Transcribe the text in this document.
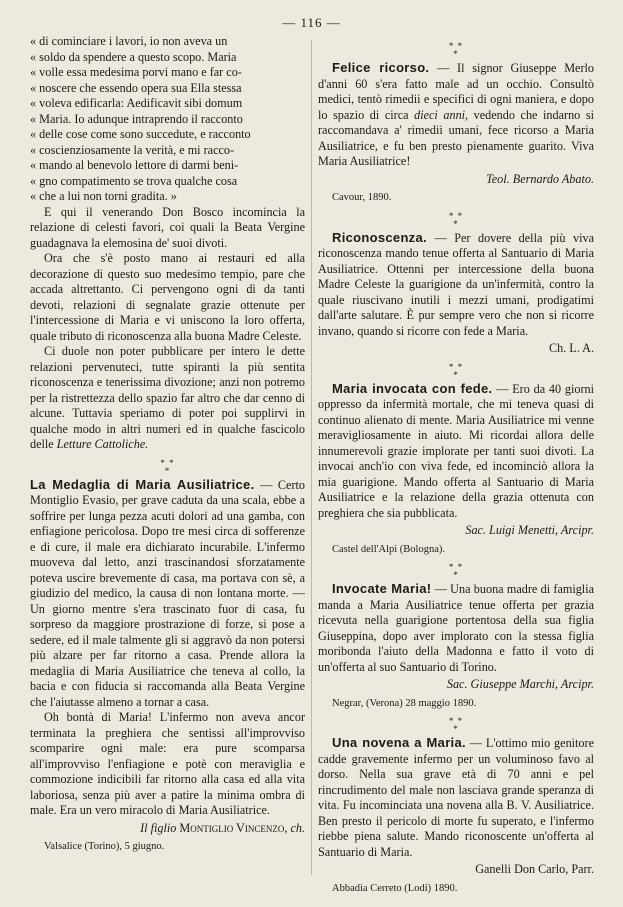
— 116 —

« di cominciare i lavori, io non aveva un

« soldo da spendere a questo scopo. Maria

« volle essa medesima porvi mano e far co-

« noscere che essendo opera sua Ella stessa

« voleva edificarla: Aedificavit sibi domum

« Maria. Io adunque intraprendo il racconto

« delle cose come sono succedute, e racconto

« coscienziosamente la verità, e mi racco-

« mando al benevolo lettore di darmi beni-

« gno compatimento se trova qualche cosa

« che a lui non torni gradita. »

E qui il venerando Don Bosco incomincia la relazione di celesti favori, coi quali la Beata Vergine guadagnava la elemosina de' suoi divoti.

Ora che s'è posto mano ai restauri ed alla decorazione di questo suo medesimo tempio, pare che accada altrettanto. Ci pervengono ogni dì da tanti devoti, relazioni di segnalate grazie ottenute per l'intercessione di Maria e vi uniscono la loro offerta, quale tributo di riconoscenza alla buona Madre Celeste.

Ci duole non poter pubblicare per intero le dette relazioni pervenuteci, tutte spiranti la più sentita riconoscenza e tenerissima divozione; anzi non potremo per la ristrettezza dello spazio far altro che dar cenno di alcune. Tuttavia speriamo di poter poi supplirvi in qualche modo in altri numeri ed in qualche fascicolo delle Letture Cattoliche.

* *
*

La Medaglia di Maria Ausiliatrice. — Certo Montiglio Evasio, per grave caduta da una scala, ebbe a soffrire per lunga pezza acuti dolori ad una gamba, con enfiagione pericolosa. Dopo tre mesi circa di sofferenze e di cure, il male era dichiarato incurabile. L'infermo muoveva dal letto, anzi trascinandosi sforzatamente poteva uscire brevemente di casa, ma portava con sè, a giudizio del medico, la causa di non lontana morte. — Un giorno mentre s'era trascinato fuor di casa, fu sorpreso da maggiore prostrazione di forze, si pose a sedere, ed il male talmente gli si aggravò da non potersi più alzare per far ritorno a casa. Prende allora la medaglia di Maria Ausiliatrice che teneva al collo, la bacia e con fiducia si raccomanda alla Beata Vergine che l'aiutasse almeno a tornar a casa.

Oh bontà di Maria! L'infermo non aveva ancor terminata la preghiera che sentissi all'improvviso scomparire ogni male: era pure scomparsa all'improvviso l'enfiagione e potè con meraviglia e commozione indicibili far ritorno alla casa ed alla vita laboriosa, senza più aver a patire la minima ombra di male. Era un vero miracolo di Maria Ausiliatrice.

Il figlio Montiglio Vincenzo, ch.

Valsalice (Torino), 5 giugno.

* *
*

Felice ricorso. — Il signor Giuseppe Merlo d'anni 60 s'era fatto male ad un occhio. Consultò medici, tentò rimedii e specifici di ogni maniera, e dopo lo spazio di circa dieci anni, vedendo che indarno si raccomandava a' rimedii umani, fece ricorso a Maria Ausiliatrice, e fu ben presto pienamente guarito. Viva Maria Ausiliatrice!

Teol. Bernardo Abato.

Cavour, 1890.

* *
*

Riconoscenza. — Per dovere della più viva riconoscenza mando tenue offerta al Santuario di Maria Ausiliatrice. Ottenni per intercessione della buona Madre Celeste la guarigione da un'infermità, contro la quale riuscivano inutili i mezzi umani, prodigatimi dall'arte salutare. È pur sempre vero che non si ricorre invano, quando si ricorre con fede a Maria.

Ch. L. A.

* *
*

Maria invocata con fede. — Ero da 40 giorni oppresso da infermità mortale, che mi teneva quasi di continuo alienato di mente. Maria Ausiliatrice mi venne meravigliosamente in aiuto. Mi ricordai allora delle innumerevoli grazie implorate per tanti suoi divoti. La invocai anch'io con viva fede, ed incominciò allora la mia guarigione. Mando offerta al Santuario di Maria Ausiliatrice e la relazione della grazia ottenuta con preghiera che sia pubblicata.

Sac. Luigi Menetti, Arcipr.

Castel dell'Alpi (Bologna).

* *
*

Invocate Maria! — Una buona madre di famiglia manda a Maria Ausiliatrice tenue offerta per grazia ricevuta nella guarigione portentosa della sua figlia Giuseppina, dopo aver implorato con la stessa figlia moribonda l'aiuto della Madonna e fatto il voto di un'offerta al suo Santuario di Torino.

Sac. Giuseppe Marchi, Arcipr.

Negrar, (Verona) 28 maggio 1890.

* *
*

Una novena a Maria. — L'ottimo mio genitore cadde gravemente infermo per un voluminoso favo al dorso. Nella sua grave età di 70 anni e pel rincrudimento del male non lasciava grande speranza di vita. Fu incominciata una novena alla B. V. Ausiliatrice. Ben presto il pericolo di morte fu superato, e l'infermo riebbe piena salute. Mando riconoscente un'offerta al Santuario di Maria.

Ganelli Don Carlo, Parr.

Abbadia Cerreto (Lodi) 1890.
